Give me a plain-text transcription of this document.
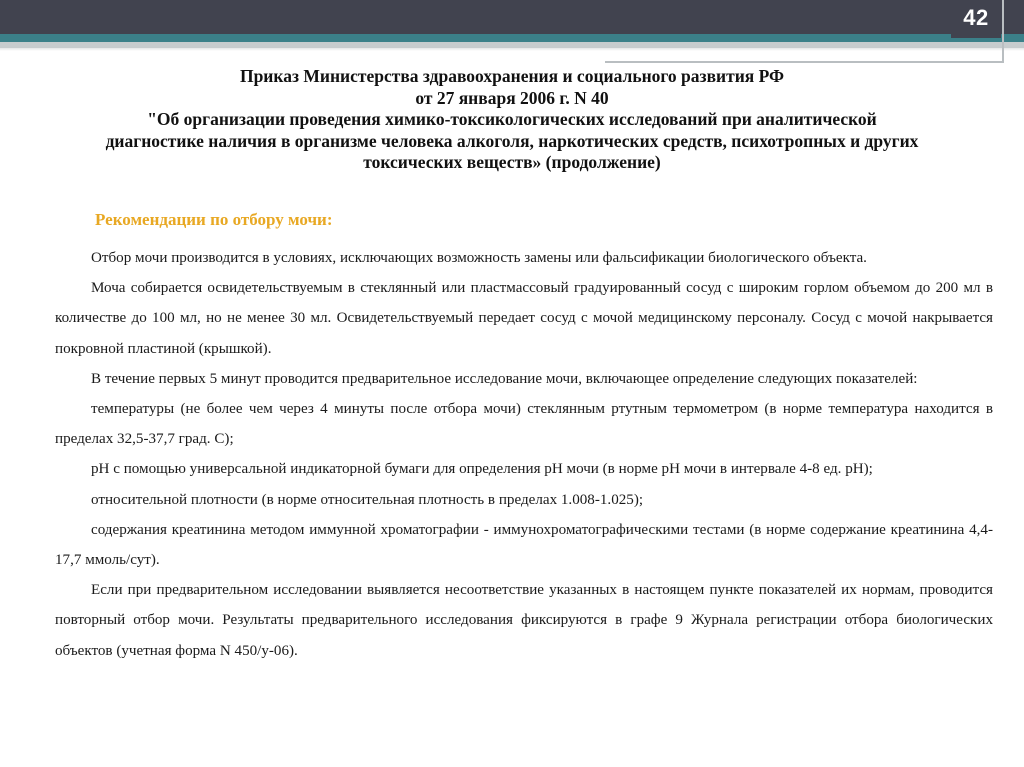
42
Приказ Министерства здравоохранения и социального развития РФ
от 27 января 2006 г. N 40
"Об организации проведения химико-токсикологических исследований при аналитической
диагностике наличия в организме человека алкоголя, наркотических средств, психотропных и других
токсических веществ» (продолжение)
Рекомендации по отбору мочи:

Отбор мочи производится в условиях, исключающих возможность замены или фальсификации биологического объекта.

Моча собирается освидетельствуемым в стеклянный или пластмассовый градуированный сосуд с широким горлом объемом до 200 мл в количестве до 100 мл, но не менее 30 мл. Освидетельствуемый передает сосуд с мочой медицинскому персоналу. Сосуд с мочой накрывается покровной пластиной (крышкой).

В течение первых 5 минут проводится предварительное исследование мочи, включающее определение следующих показателей:

температуры (не более чем через 4 минуты после отбора мочи) стеклянным ртутным термометром (в норме температура находится в пределах 32,5-37,7 град. С);

pH с помощью универсальной индикаторной бумаги для определения pH мочи (в норме pH мочи в интервале 4-8 ед. pH);

относительной плотности (в норме относительная плотность в пределах 1.008-1.025);

содержания креатинина методом иммунной хроматографии - иммунохроматографическими тестами (в норме содержание креатинина 4,4-17,7 ммоль/сут).

Если при предварительном исследовании выявляется несоответствие указанных в настоящем пункте показателей их нормам, проводится повторный отбор мочи. Результаты предварительного исследования фиксируются в графе 9 Журнала регистрации отбора биологических объектов (учетная форма N 450/у-06).
